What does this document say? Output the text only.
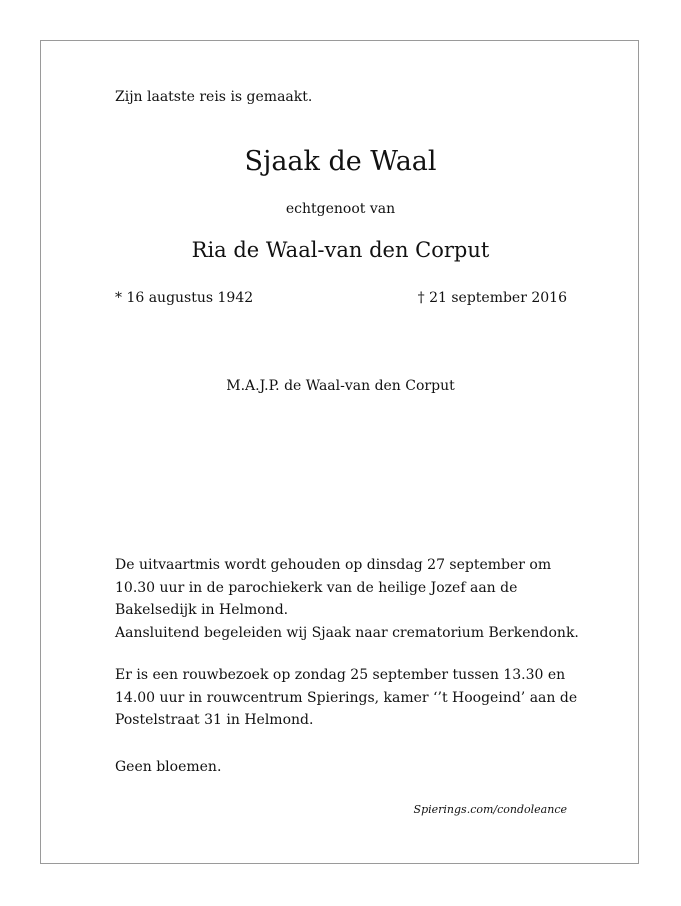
Zijn laatste reis is gemaakt.

Sjaak de Waal

echtgenoot van

Ria de Waal-van den Corput

* 16 augustus 1942	† 21 september 2016

M.A.J.P. de Waal-van den Corput

De uitvaartmis wordt gehouden op dinsdag 27 september om
10.30 uur in de parochiekerk van de heilige Jozef aan de
Bakelsedijk in Helmond.
Aansluitend begeleiden wij Sjaak naar crematorium Berkendonk.
Er is een rouwbezoek op zondag 25 september tussen 13.30 en
14.00 uur in rouwcentrum Spierings, kamer ‘’t Hoogeind’ aan de
Postelstraat 31 in Helmond.
Geen bloemen.

Spierings.com/condoleance
